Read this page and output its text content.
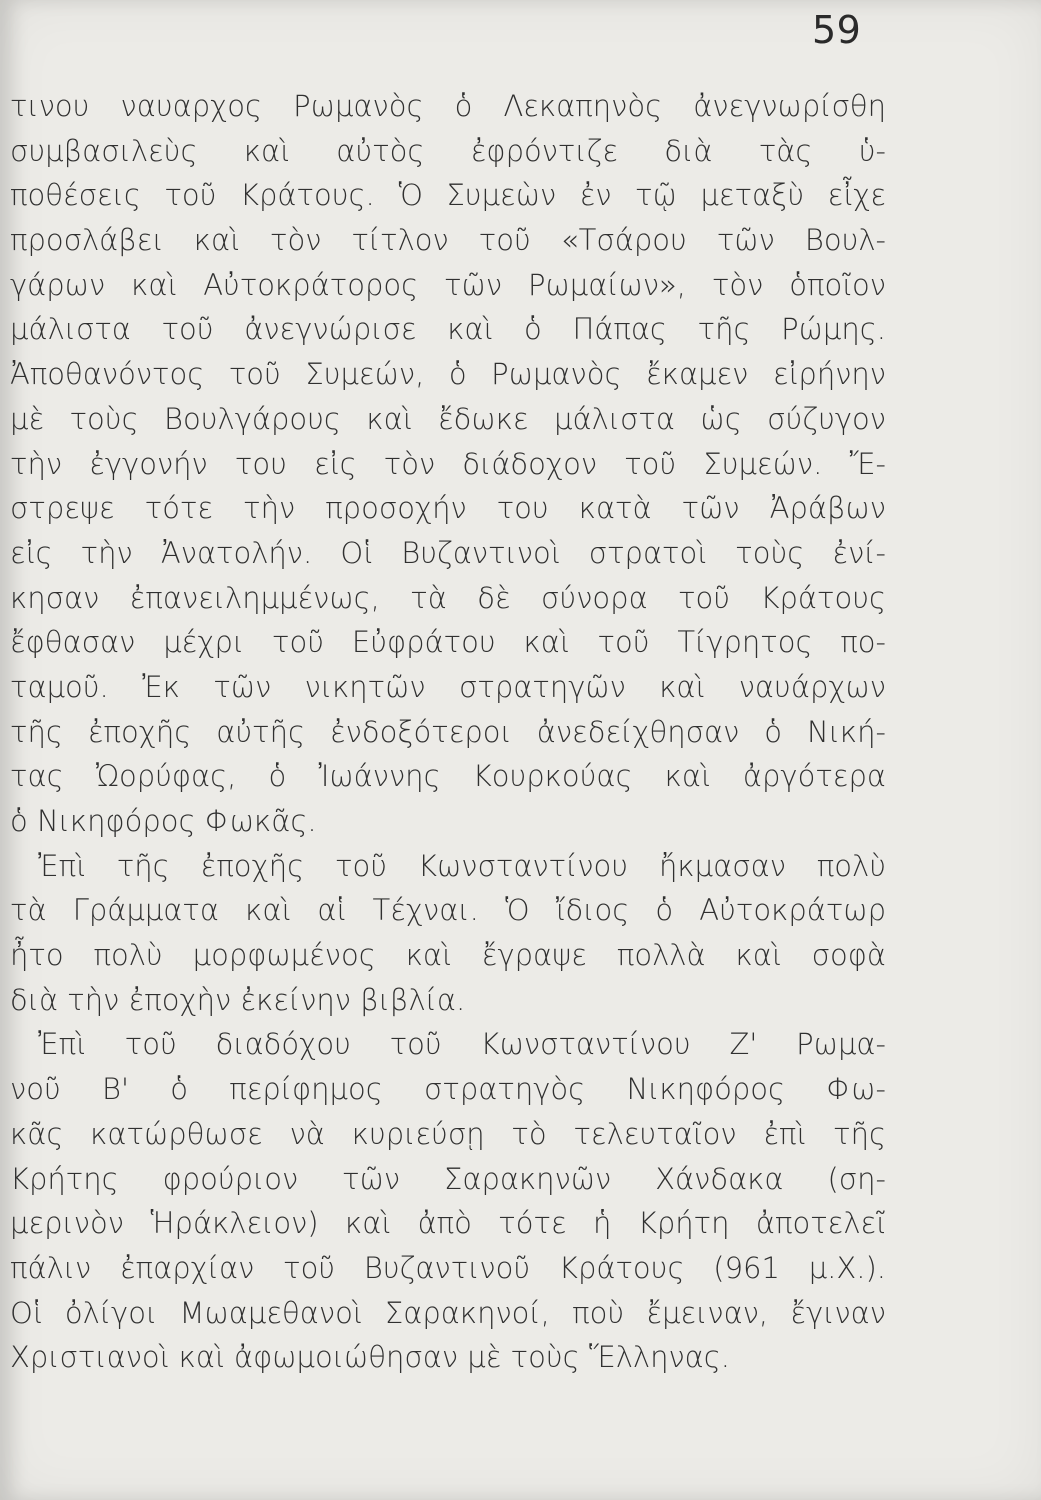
59
τινου ναυαρχος Ρωμανὸς ὁ Λεκαπηνὸς ἀνεγνωρίσθη
συμβασιλεὺς καὶ αὐτὸς ἐφρόντιζε διὰ τὰς ὑ-
ποθέσεις τοῦ Κράτους. Ὁ Συμεὼν ἐν τῷ μεταξὺ εἶχε
προσλάβει καὶ τὸν τίτλον τοῦ «Τσάρου τῶν Βουλ-
γάρων καὶ Αὐτοκράτορος τῶν Ρωμαίων», τὸν ὁποῖον
μάλιστα τοῦ ἀνεγνώρισε καὶ ὁ Πάπας τῆς Ρώμης.
Ἀποθανόντος τοῦ Συμεών, ὁ Ρωμανὸς ἔκαμεν εἰρήνην
μὲ τοὺς Βουλγάρους καὶ ἔδωκε μάλιστα ὡς σύζυγον
τὴν ἐγγονήν του εἰς τὸν διάδοχον τοῦ Συμεών. Ἔ-
στρεψε τότε τὴν προσοχήν του κατὰ τῶν Ἀράβων
εἰς τὴν Ἀνατολήν. Οἱ Βυζαντινοὶ στρατοὶ τοὺς ἐνί-
κησαν ἐπανειλημμένως, τὰ δὲ σύνορα τοῦ Κράτους
ἔφθασαν μέχρι τοῦ Εὐφράτου καὶ τοῦ Τίγρητος πο-
ταμοῦ. Ἐκ τῶν νικητῶν στρατηγῶν καὶ ναυάρχων
τῆς ἐποχῆς αὐτῆς ἐνδοξότεροι ἀνεδείχθησαν ὁ Νική-
τας Ὠορύφας, ὁ Ἰωάννης Κουρκούας καὶ ἀργότερα
ὁ Νικηφόρος Φωκᾶς.
Ἐπὶ τῆς ἐποχῆς τοῦ Κωνσταντίνου ἤκμασαν πολὺ
τὰ Γράμματα καὶ αἱ Τέχναι. Ὁ ἴδιος ὁ Αὐτοκράτωρ
ἦτο πολὺ μορφωμένος καὶ ἔγραψε πολλὰ καὶ σοφὰ
διὰ τὴν ἐποχὴν ἐκείνην βιβλία.
Ἐπὶ τοῦ διαδόχου τοῦ Κωνσταντίνου Ζ' Ρωμα-
νοῦ Β' ὁ περίφημος στρατηγὸς Νικηφόρος Φω-
κᾶς κατώρθωσε νὰ κυριεύσῃ τὸ τελευταῖον ἐπὶ τῆς
Κρήτης φρούριον τῶν Σαρακηνῶν Χάνδακα (ση-
μερινὸν Ἡράκλειον) καὶ ἀπὸ τότε ἡ Κρήτη ἀποτελεῖ
πάλιν ἐπαρχίαν τοῦ Βυζαντινοῦ Κράτους (961 μ.Χ.).
Οἱ ὀλίγοι Μωαμεθανοὶ Σαρακηνοί, ποὺ ἔμειναν, ἔγιναν
Χριστιανοὶ καὶ ἀφωμοιώθησαν μὲ τοὺς Ἕλληνας.
